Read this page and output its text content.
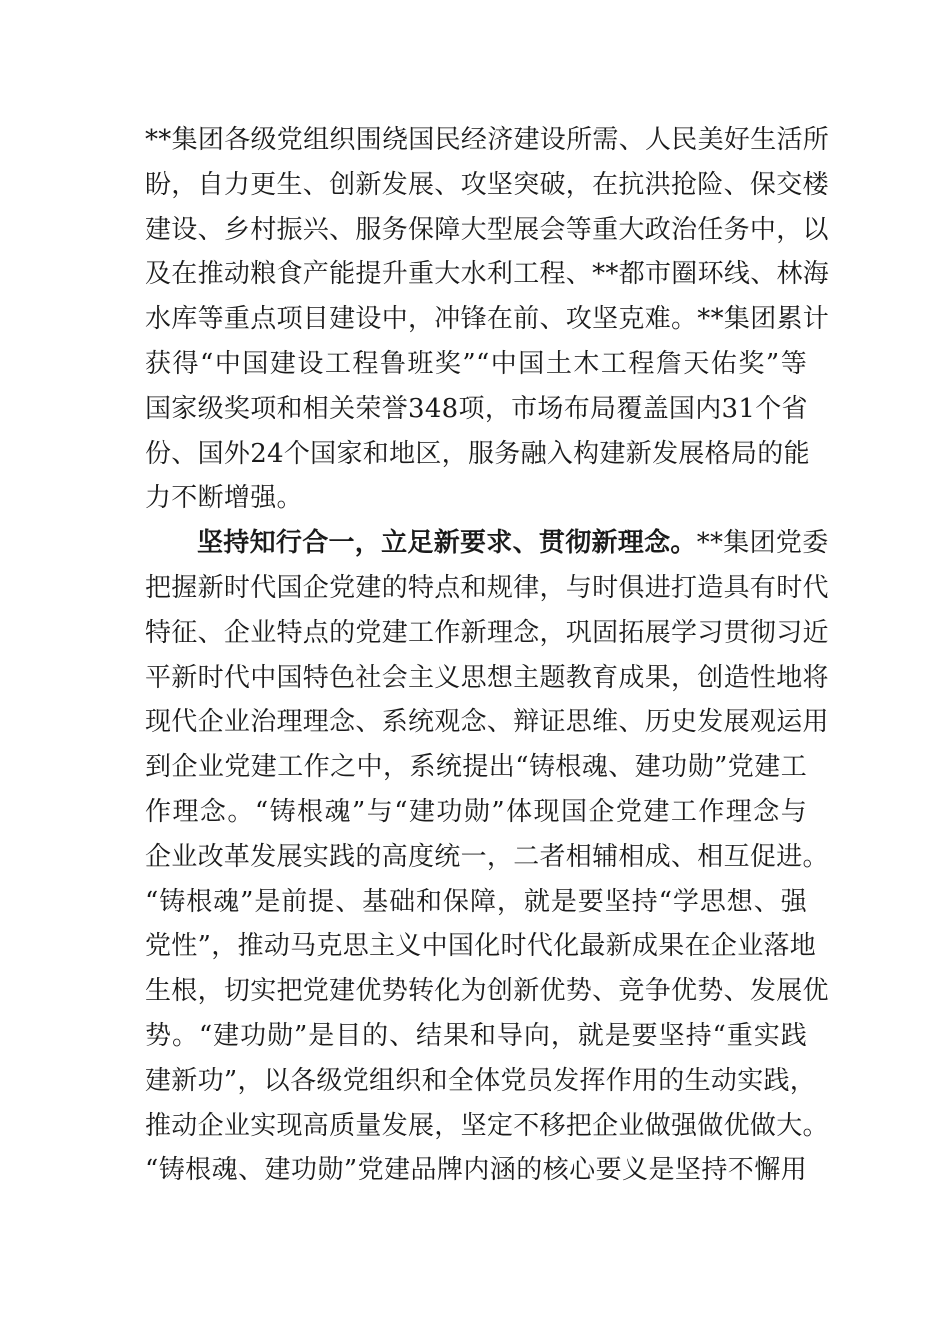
**集团各级党组织围绕国民经济建设所需、人民美好生活所
盼，自力更生、创新发展、攻坚突破，在抗洪抢险、保交楼
建设、乡村振兴、服务保障大型展会等重大政治任务中，以
及在推动粮食产能提升重大水利工程、**都市圈环线、林海
水库等重点项目建设中，冲锋在前、攻坚克难。**集团累计
获得“中国建设工程鲁班奖”“中国土木工程詹天佑奖”等
国家级奖项和相关荣誉348项，市场布局覆盖国内31个省
份、国外24个国家和地区，服务融入构建新发展格局的能
力不断增强。
坚持知行合一，立足新要求、贯彻新理念。**集团党委
把握新时代国企党建的特点和规律，与时俱进打造具有时代
特征、企业特点的党建工作新理念，巩固拓展学习贯彻习近
平新时代中国特色社会主义思想主题教育成果，创造性地将
现代企业治理理念、系统观念、辩证思维、历史发展观运用
到企业党建工作之中，系统提出“铸根魂、建功勋”党建工
作理念。“铸根魂”与“建功勋”体现国企党建工作理念与
企业改革发展实践的高度统一，二者相辅相成、相互促进。
“铸根魂”是前提、基础和保障，就是要坚持“学思想、强
党性”，推动马克思主义中国化时代化最新成果在企业落地
生根，切实把党建优势转化为创新优势、竞争优势、发展优
势。“建功勋”是目的、结果和导向，就是要坚持“重实践
建新功”，以各级党组织和全体党员发挥作用的生动实践，
推动企业实现高质量发展，坚定不移把企业做强做优做大。
“铸根魂、建功勋”党建品牌内涵的核心要义是坚持不懈用
